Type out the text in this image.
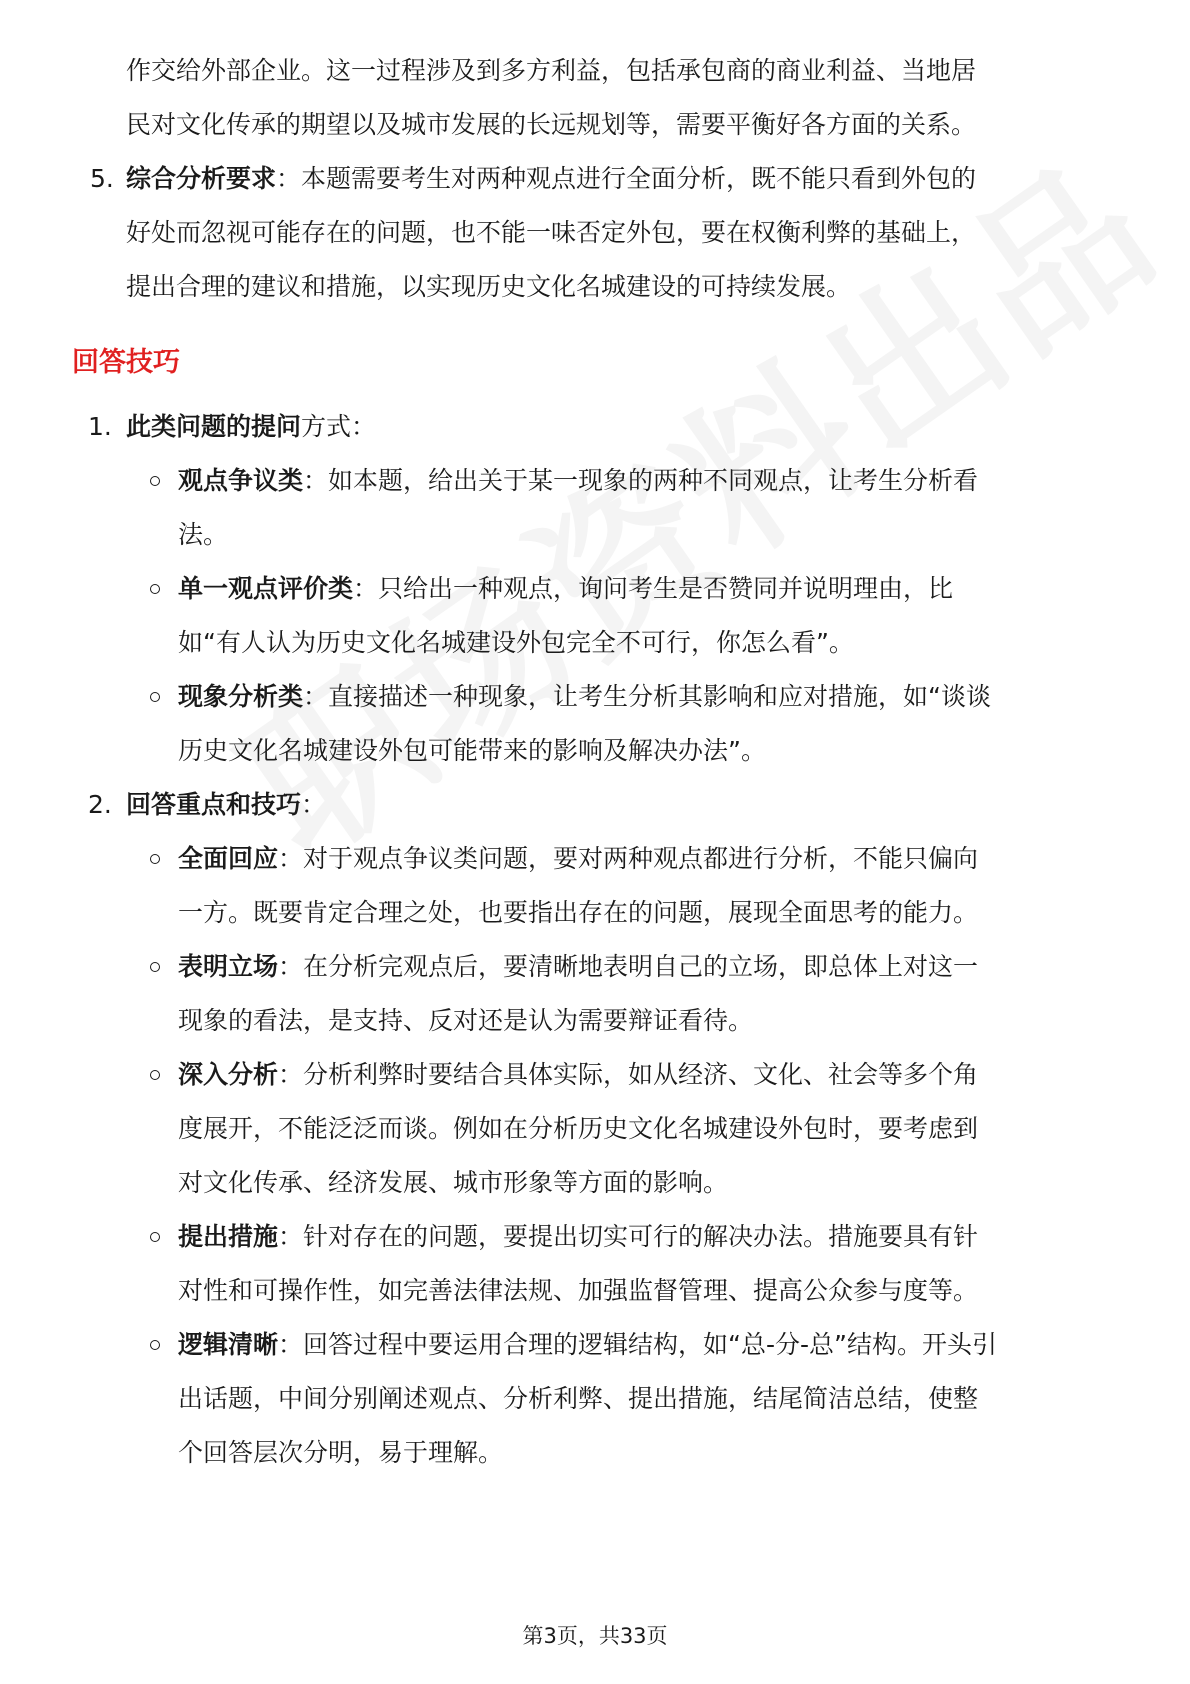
作交给外部企业。这一过程涉及到多方利益，包括承包商的商业利益、当地居
民对文化传承的期望以及城市发展的长远规划等，需要平衡好各方面的关系。
5. 综合分析要求：本题需要考生对两种观点进行全面分析，既不能只看到外包的
好处而忽视可能存在的问题，也不能一味否定外包，要在权衡利弊的基础上，
提出合理的建议和措施，以实现历史文化名城建设的可持续发展。
回答技巧
1. 此类问题的提问方式：
观点争议类：如本题，给出关于某一现象的两种不同观点，让考生分析看
法。
单一观点评价类：只给出一种观点，询问考生是否赞同并说明理由，比
如“有人认为历史文化名城建设外包完全不可行，你怎么看”。
现象分析类：直接描述一种现象，让考生分析其影响和应对措施，如“谈谈
历史文化名城建设外包可能带来的影响及解决办法”。
2. 回答重点和技巧：
全面回应：对于观点争议类问题，要对两种观点都进行分析，不能只偏向
一方。既要肯定合理之处，也要指出存在的问题，展现全面思考的能力。
表明立场：在分析完观点后，要清晰地表明自己的立场，即总体上对这一
现象的看法，是支持、反对还是认为需要辩证看待。
深入分析：分析利弊时要结合具体实际，如从经济、文化、社会等多个角
度展开，不能泛泛而谈。例如在分析历史文化名城建设外包时，要考虑到
对文化传承、经济发展、城市形象等方面的影响。
提出措施：针对存在的问题，要提出切实可行的解决办法。措施要具有针
对性和可操作性，如完善法律法规、加强监督管理、提高公众参与度等。
逻辑清晰：回答过程中要运用合理的逻辑结构，如“总-分-总”结构。开头引
出话题，中间分别阐述观点、分析利弊、提出措施，结尾简洁总结，使整
个回答层次分明，易于理解。
第3页，共33页
